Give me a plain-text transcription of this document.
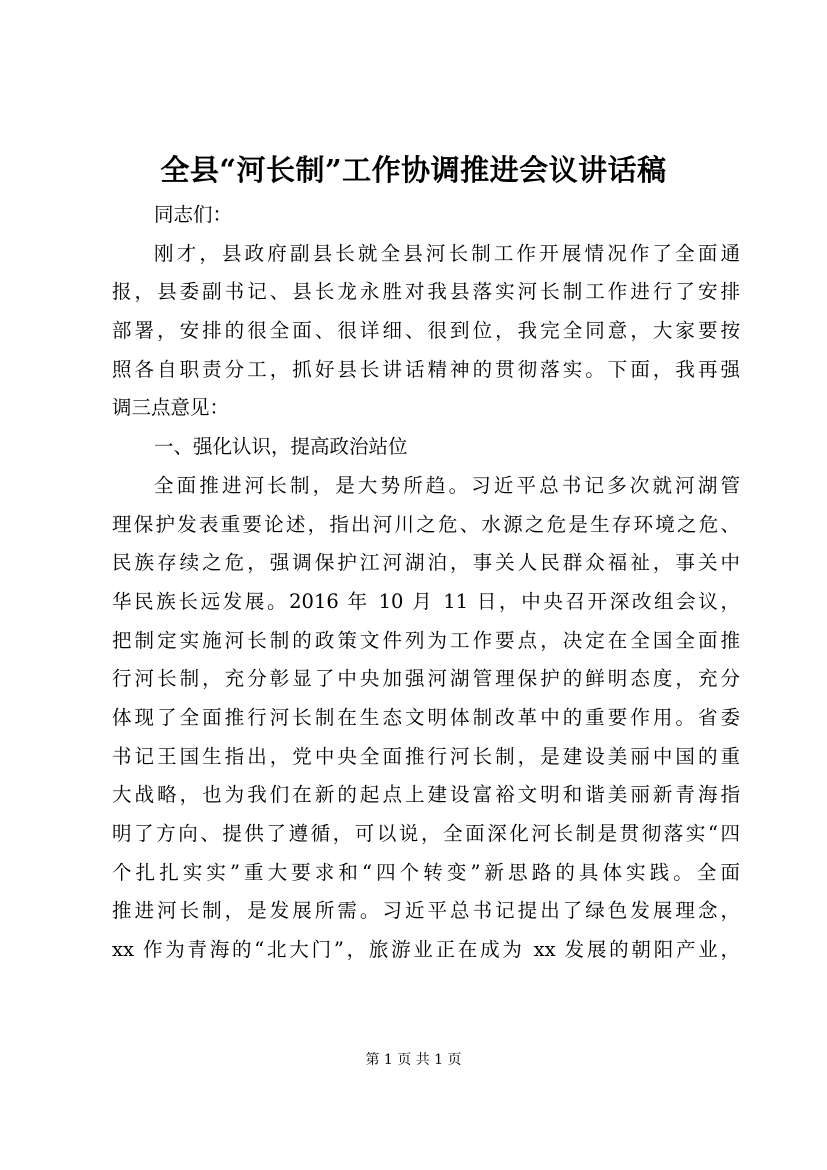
全县“河长制”工作协调推进会议讲话稿
同志们：
刚才，县政府副县长就全县河长制工作开展情况作了全面通
报，县委副书记、县长龙永胜对我县落实河长制工作进行了安排
部署，安排的很全面、很详细、很到位，我完全同意，大家要按
照各自职责分工，抓好县长讲话精神的贯彻落实。下面，我再强
调三点意见：
一、强化认识，提高政治站位
全面推进河长制，是大势所趋。习近平总书记多次就河湖管
理保护发表重要论述，指出河川之危、水源之危是生存环境之危、
民族存续之危，强调保护江河湖泊，事关人民群众福祉，事关中
华民族长远发展。2016 年 10 月 11 日，中央召开深改组会议，
把制定实施河长制的政策文件列为工作要点，决定在全国全面推
行河长制，充分彰显了中央加强河湖管理保护的鲜明态度，充分
体现了全面推行河长制在生态文明体制改革中的重要作用。省委
书记王国生指出，党中央全面推行河长制，是建设美丽中国的重
大战略，也为我们在新的起点上建设富裕文明和谐美丽新青海指
明了方向、提供了遵循，可以说，全面深化河长制是贯彻落实“四
个扎扎实实”重大要求和“四个转变”新思路的具体实践。全面
推进河长制，是发展所需。习近平总书记提出了绿色发展理念，
xx 作为青海的“北大门”，旅游业正在成为 xx 发展的朝阳产业，
第 1 页 共 1 页
